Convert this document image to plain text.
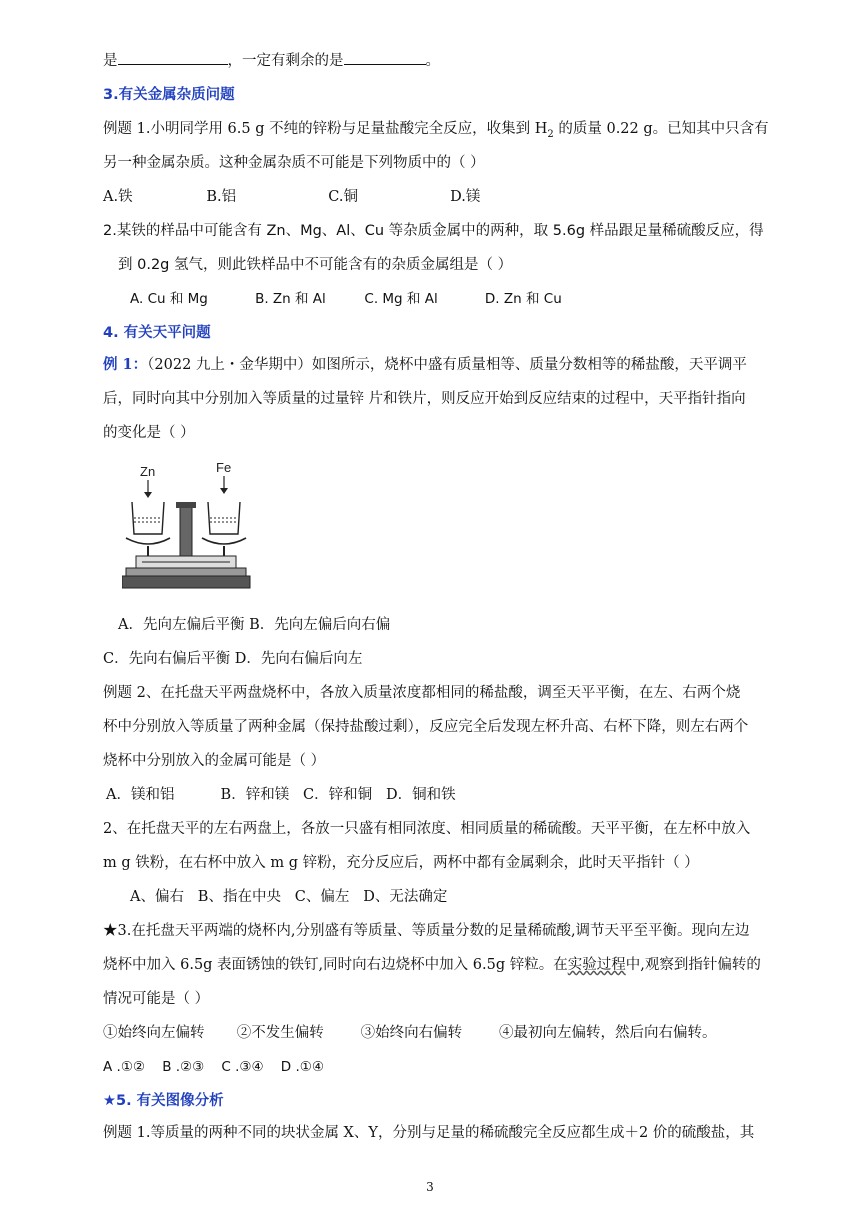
是	，一定有剩余的是	。
3.有关金属杂质问题
例题 1.小明同学用 6.5 g 不纯的锌粉与足量盐酸完全反应，收集到 $H_2$ 的质量 0.22 g。已知其中只含有
另一种金属杂质。这种金属杂质不可能是下列物质中的（ ）
A.铁                B.铝                    C.铜                    D.镁
2.某铁的样品中可能含有 Zn、Mg、Al、Cu 等杂质金属中的两种，取 5.6g 样品跟足量稀硫酸反应，得
到 0.2g 氢气，则此铁样品中不可能含有的杂质金属组是（ ）
A. Cu 和 Mg           B. Zn 和 Al         C. Mg 和 Al           D. Zn 和 Cu
4. 有关天平问题
例 1：（2022 九上・金华期中）如图所示，烧杯中盛有质量相等、质量分数相等的稀盐酸，天平调平
后，同时向其中分别加入等质量的过量锌 片和铁片，则反应开始到反应结束的过程中，天平指针指向
的变化是（ ）
Zn	Fe
A．先向左偏后平衡 B．先向左偏后向右偏
C．先向右偏后平衡 D．先向右偏后向左
例题 2、在托盘天平两盘烧杯中，各放入质量浓度都相同的稀盐酸，调至天平平衡，在左、右两个烧
杯中分别放入等质量了两种金属（保持盐酸过剩），反应完全后发现左杯升高、右杯下降，则左右两个
烧杯中分别放入的金属可能是（ ）
A．镁和铝          B．锌和镁   C．锌和铜   D．铜和铁
2、在托盘天平的左右两盘上，各放一只盛有相同浓度、相同质量的稀硫酸。天平平衡，在左杯中放入
m g 铁粉，在右杯中放入 m g 锌粉，充分反应后，两杯中都有金属剩余，此时天平指针（ ）
A、偏右   B、指在中央   C、偏左   D、无法确定
★3.在托盘天平两端的烧杯内,分别盛有等质量、等质量分数的足量稀硫酸,调节天平至平衡。现向左边
烧杯中加入 6.5g 表面锈蚀的铁钉,同时向右边烧杯中加入 6.5g 锌粒。在实验过程中,观察到指针偏转的
情况可能是（ ）
①始终向左偏转       ②不发生偏转        ③始终向右偏转        ④最初向左偏转，然后向右偏转。
A .①②    B .②③    C .③④    D .①④
★5. 有关图像分析
例题 1.等质量的两种不同的块状金属 X、Y，分别与足量的稀硫酸完全反应都生成＋2 价的硫酸盐，其
3
